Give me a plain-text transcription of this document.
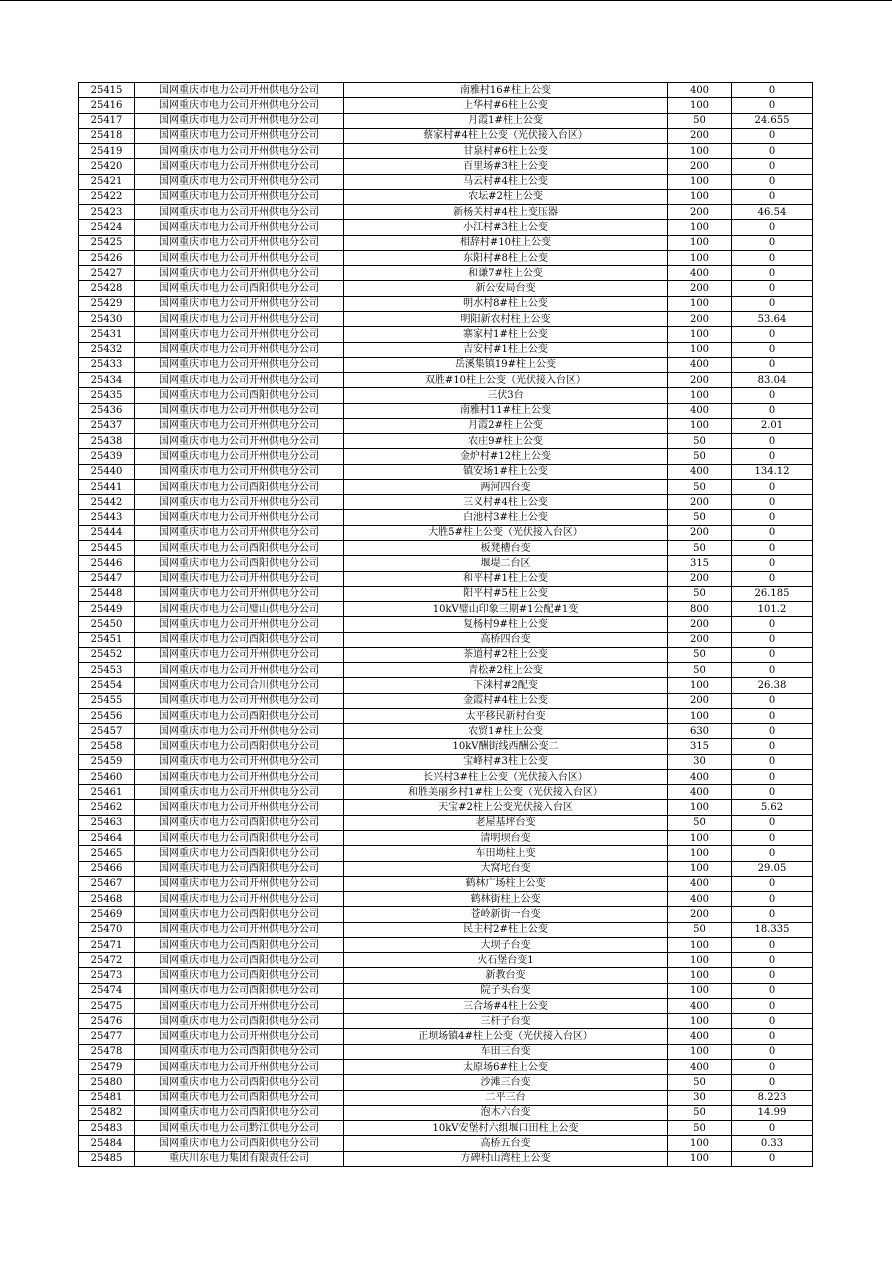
25415	国网重庆市电力公司开州供电分公司	南雅村16#柱上公变	400	0
25416	国网重庆市电力公司开州供电分公司	上华村#6柱上公变	100	0
25417	国网重庆市电力公司开州供电分公司	月霞1#柱上公变	50	24.655
25418	国网重庆市电力公司开州供电分公司	蔡家村#4柱上公变（光伏接入台区）	200	0
25419	国网重庆市电力公司开州供电分公司	甘泉村#6柱上公变	100	0
25420	国网重庆市电力公司开州供电分公司	百里场#3柱上公变	200	0
25421	国网重庆市电力公司开州供电分公司	马云村#4柱上公变	100	0
25422	国网重庆市电力公司开州供电分公司	农坛#2柱上公变	100	0
25423	国网重庆市电力公司开州供电分公司	新杨关村#4柱上变压器	200	46.54
25424	国网重庆市电力公司开州供电分公司	小江村#3柱上公变	100	0
25425	国网重庆市电力公司开州供电分公司	相辞村#10柱上公变	100	0
25426	国网重庆市电力公司开州供电分公司	东阳村#8柱上公变	100	0
25427	国网重庆市电力公司开州供电分公司	和谦7#柱上公变	400	0
25428	国网重庆市电力公司酉阳供电分公司	新公安局台变	200	0
25429	国网重庆市电力公司开州供电分公司	明水村8#柱上公变	100	0
25430	国网重庆市电力公司开州供电分公司	明阳新农村柱上公变	200	53.64
25431	国网重庆市电力公司开州供电分公司	寨家村1#柱上公变	100	0
25432	国网重庆市电力公司开州供电分公司	吉安村#1柱上公变	100	0
25433	国网重庆市电力公司开州供电分公司	岳溪集镇19#柱上公变	400	0
25434	国网重庆市电力公司开州供电分公司	双胜#10柱上公变（光伏接入台区）	200	83.04
25435	国网重庆市电力公司酉阳供电分公司	三伏3台	100	0
25436	国网重庆市电力公司开州供电分公司	南雅村11#柱上公变	400	0
25437	国网重庆市电力公司开州供电分公司	月霞2#柱上公变	100	2.01
25438	国网重庆市电力公司开州供电分公司	农庄9#柱上公变	50	0
25439	国网重庆市电力公司开州供电分公司	金炉村#12柱上公变	50	0
25440	国网重庆市电力公司开州供电分公司	镇安场1#柱上公变	400	134.12
25441	国网重庆市电力公司酉阳供电分公司	两河四台变	50	0
25442	国网重庆市电力公司开州供电分公司	三义村#4柱上公变	200	0
25443	国网重庆市电力公司开州供电分公司	白池村3#柱上公变	50	0
25444	国网重庆市电力公司开州供电分公司	大胜5#柱上公变（光伏接入台区）	200	0
25445	国网重庆市电力公司酉阳供电分公司	板凳槽台变	50	0
25446	国网重庆市电力公司酉阳供电分公司	堰堤二台区	315	0
25447	国网重庆市电力公司开州供电分公司	和平村#1柱上公变	200	0
25448	国网重庆市电力公司开州供电分公司	阳平村#5柱上公变	50	26.185
25449	国网重庆市电力公司璧山供电分公司	10kV璧山印象三期#1公配#1变	800	101.2
25450	国网重庆市电力公司开州供电分公司	复杨村9#柱上公变	200	0
25451	国网重庆市电力公司酉阳供电分公司	高桥四台变	200	0
25452	国网重庆市电力公司开州供电分公司	茶道村#2柱上公变	50	0
25453	国网重庆市电力公司开州供电分公司	青松#2柱上公变	50	0
25454	国网重庆市电力公司合川供电分公司	下涞村#2配变	100	26.38
25455	国网重庆市电力公司开州供电分公司	金霞村#4柱上公变	200	0
25456	国网重庆市电力公司酉阳供电分公司	太平移民新村台变	100	0
25457	国网重庆市电力公司开州供电分公司	农贸1#柱上公变	630	0
25458	国网重庆市电力公司酉阳供电分公司	10kV酬街线西酬公变二	315	0
25459	国网重庆市电力公司开州供电分公司	宝峰村#3柱上公变	30	0
25460	国网重庆市电力公司开州供电分公司	长兴村3#柱上公变（光伏接入台区）	400	0
25461	国网重庆市电力公司开州供电分公司	和胜美丽乡村1#柱上公变（光伏接入台区）	400	0
25462	国网重庆市电力公司开州供电分公司	天宝#2柱上公变光伏接入台区	100	5.62
25463	国网重庆市电力公司酉阳供电分公司	老屋基坪台变	50	0
25464	国网重庆市电力公司酉阳供电分公司	清明坝台变	100	0
25465	国网重庆市电力公司酉阳供电分公司	车田坳柱上变	100	0
25466	国网重庆市电力公司酉阳供电分公司	大窝坨台变	100	29.05
25467	国网重庆市电力公司开州供电分公司	鹤林广场柱上公变	400	0
25468	国网重庆市电力公司开州供电分公司	鹤林街柱上公变	400	0
25469	国网重庆市电力公司酉阳供电分公司	苍岭新街一台变	200	0
25470	国网重庆市电力公司开州供电分公司	民主村2#柱上公变	50	18.335
25471	国网重庆市电力公司酉阳供电分公司	大坝子台变	100	0
25472	国网重庆市电力公司酉阳供电分公司	火石堡台变1	100	0
25473	国网重庆市电力公司酉阳供电分公司	新教台变	100	0
25474	国网重庆市电力公司酉阳供电分公司	院子头台变	100	0
25475	国网重庆市电力公司开州供电分公司	三合场#4柱上公变	400	0
25476	国网重庆市电力公司酉阳供电分公司	三杆子台变	100	0
25477	国网重庆市电力公司开州供电分公司	正坝场镇4#柱上公变（光伏接入台区）	400	0
25478	国网重庆市电力公司酉阳供电分公司	车田三台变	100	0
25479	国网重庆市电力公司开州供电分公司	太原场6#柱上公变	400	0
25480	国网重庆市电力公司酉阳供电分公司	沙滩三台变	50	0
25481	国网重庆市电力公司酉阳供电分公司	二平三台	30	8.223
25482	国网重庆市电力公司酉阳供电分公司	泡木六台变	50	14.99
25483	国网重庆市电力公司黔江供电分公司	10kV安堡村六组堰口田柱上公变	50	0
25484	国网重庆市电力公司酉阳供电分公司	高桥五台变	100	0.33
25485	重庆川东电力集团有限责任公司	方碑村山湾柱上公变	100	0
